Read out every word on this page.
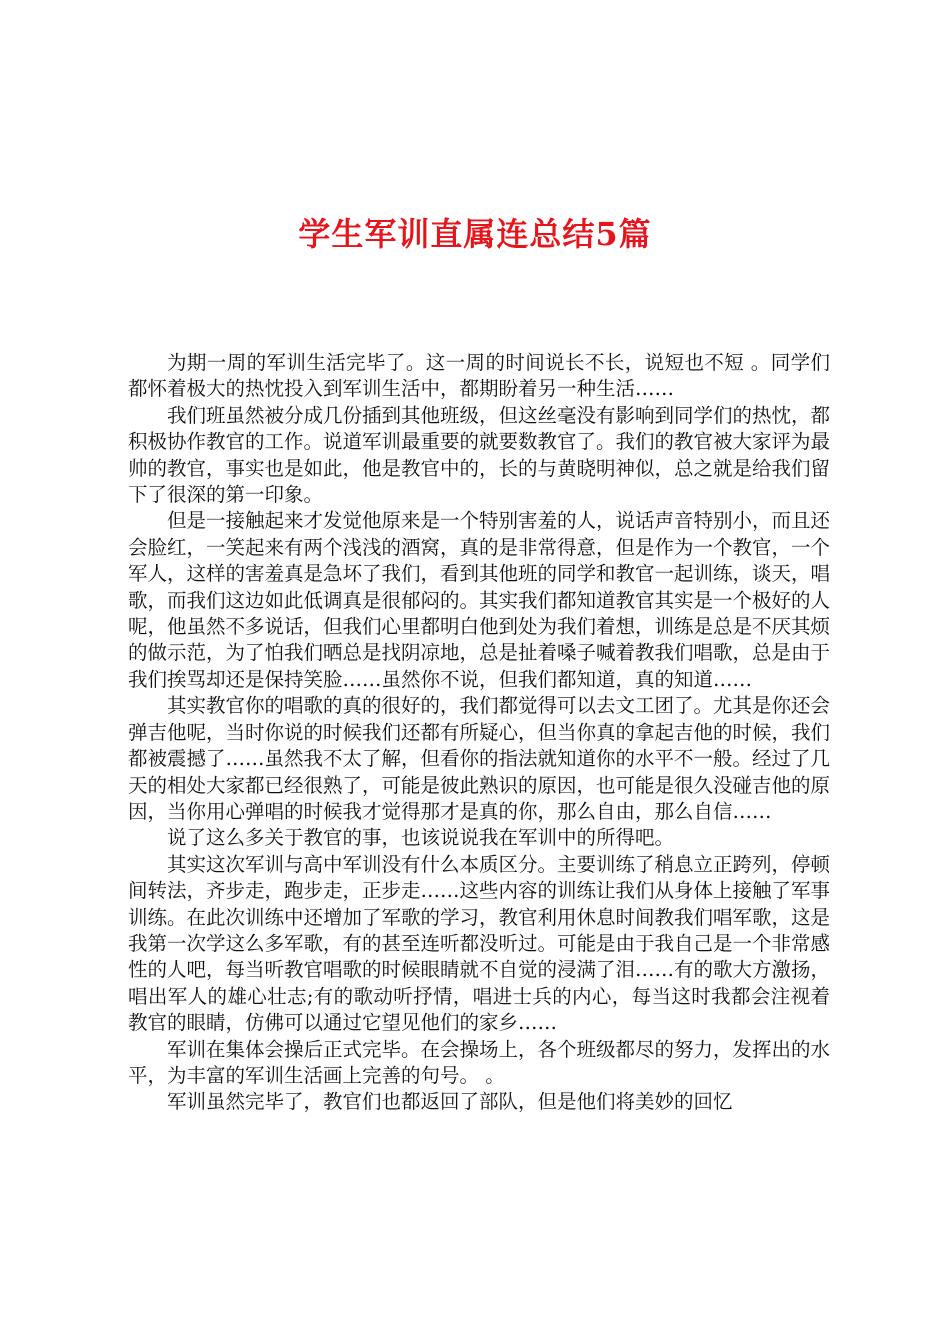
学生军训直属连总结5篇

为期一周的军训生活完毕了。这一周的时间说长不长，说短也不短 。同学们都怀着极大的热忱投入到军训生活中，都期盼着另一种生活……

我们班虽然被分成几份插到其他班级，但这丝毫没有影响到同学们的热忱，都积极协作教官的工作。说道军训最重要的就要数教官了。我们的教官被大家评为最帅的教官，事实也是如此，他是教官中的，长的与黄晓明神似，总之就是给我们留下了很深的第一印象。

但是一接触起来才发觉他原来是一个特别害羞的人，说话声音特别小，而且还会脸红，一笑起来有两个浅浅的酒窝，真的是非常得意，但是作为一个教官，一个军人，这样的害羞真是急坏了我们，看到其他班的同学和教官一起训练，谈天，唱歌，而我们这边如此低调真是很郁闷的。其实我们都知道教官其实是一个极好的人呢，他虽然不多说话，但我们心里都明白他到处为我们着想，训练是总是不厌其烦的做示范，为了怕我们晒总是找阴凉地，总是扯着嗓子喊着教我们唱歌，总是由于我们挨骂却还是保持笑脸……虽然你不说，但我们都知道，真的知道……

其实教官你的唱歌的真的很好的，我们都觉得可以去文工团了。尤其是你还会弹吉他呢，当时你说的时候我们还都有所疑心，但当你真的拿起吉他的时候，我们都被震撼了……虽然我不太了解，但看你的指法就知道你的水平不一般。经过了几天的相处大家都已经很熟了，可能是彼此熟识的原因，也可能是很久没碰吉他的原因，当你用心弹唱的时候我才觉得那才是真的你，那么自由，那么自信……

说了这么多关于教官的事，也该说说我在军训中的所得吧。

其实这次军训与高中军训没有什么本质区分。主要训练了稍息立正跨列，停顿间转法，齐步走，跑步走，正步走……这些内容的训练让我们从身体上接触了军事训练。在此次训练中还增加了军歌的学习，教官利用休息时间教我们唱军歌，这是我第一次学这么多军歌，有的甚至连听都没听过。可能是由于我自己是一个非常感性的人吧，每当听教官唱歌的时候眼睛就不自觉的浸满了泪……有的歌大方激扬，唱出军人的雄心壮志;有的歌动听抒情，唱进士兵的内心，每当这时我都会注视着教官的眼睛，仿佛可以通过它望见他们的家乡……

军训在集体会操后正式完毕。在会操场上，各个班级都尽的努力，发挥出的水平，为丰富的军训生活画上完善的句号。 。

军训虽然完毕了，教官们也都返回了部队，但是他们将美妙的回忆
